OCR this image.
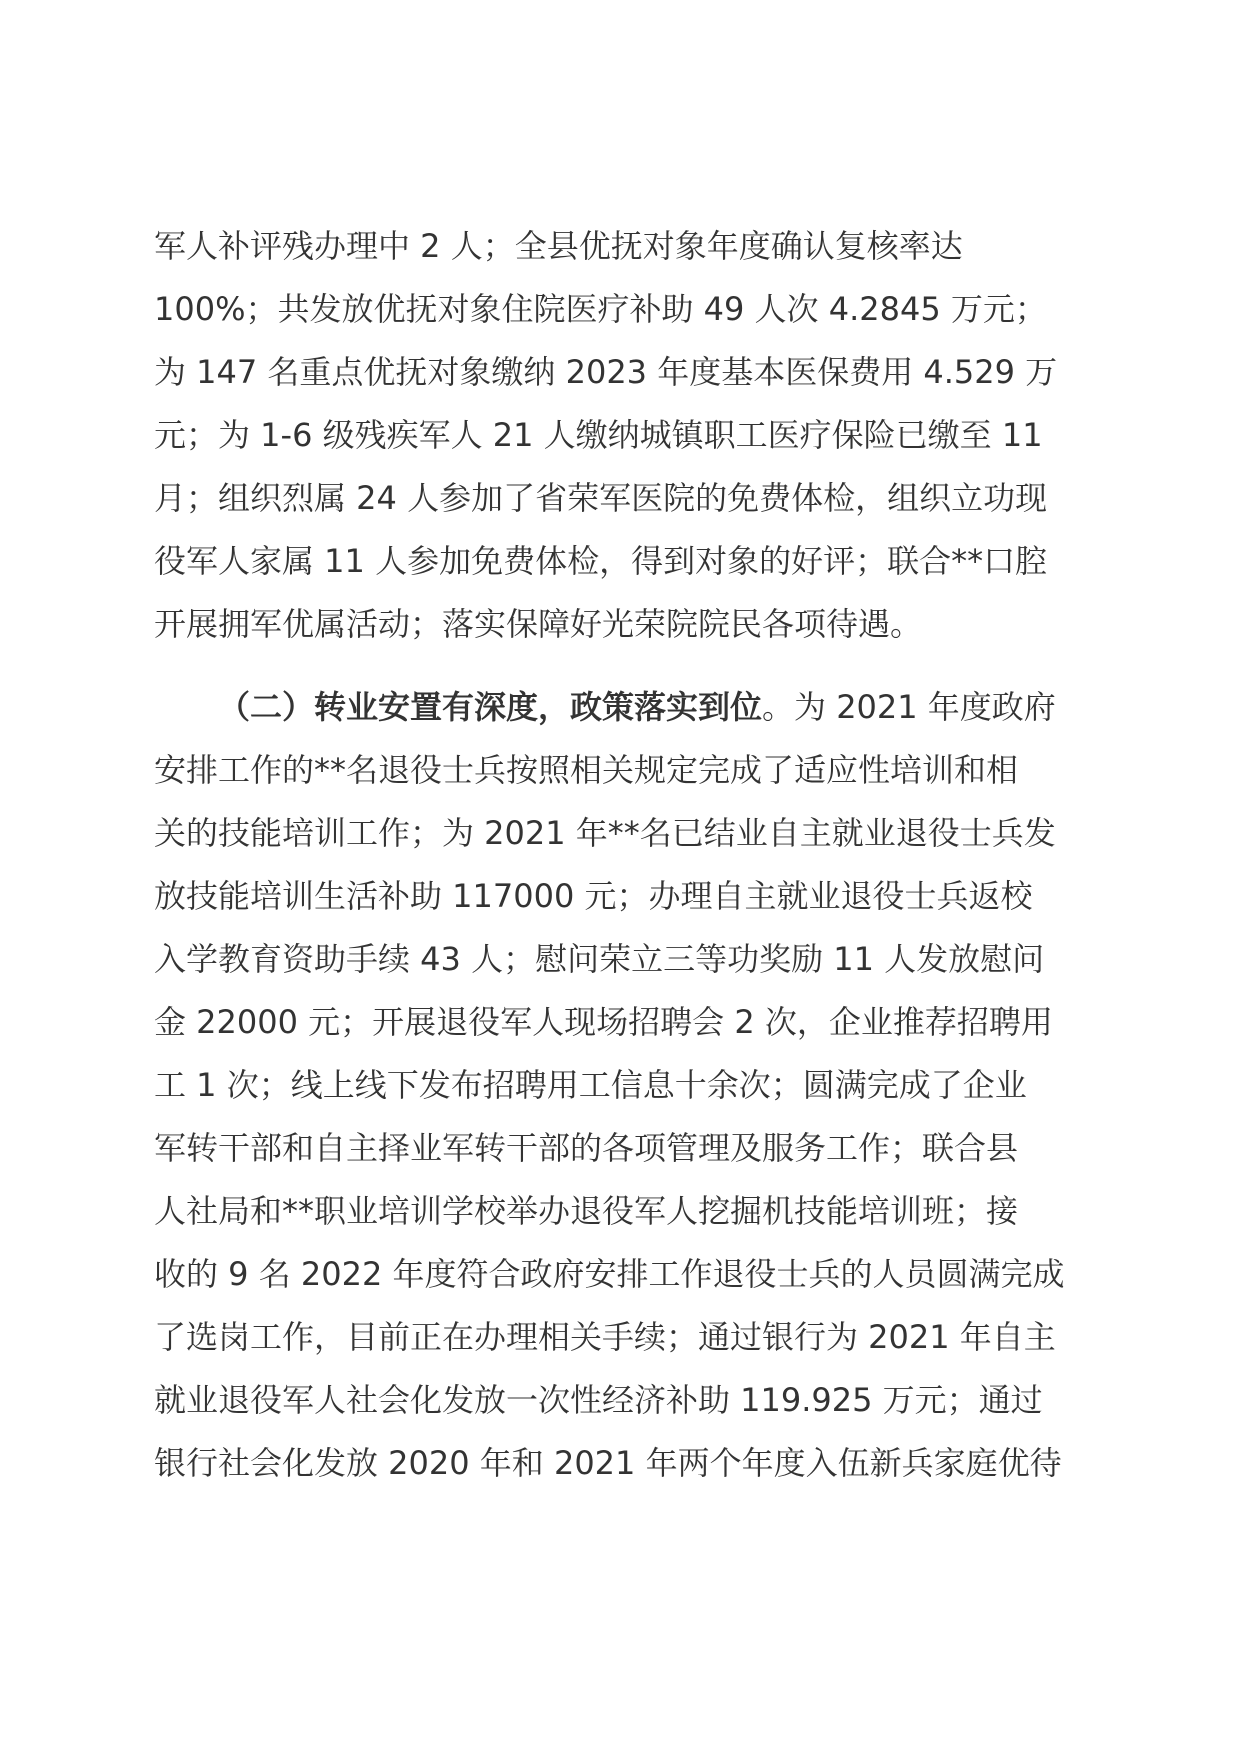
军人补评残办理中 2 人；全县优抚对象年度确认复核率达
100%；共发放优抚对象住院医疗补助 49 人次 4.2845 万元；
为 147 名重点优抚对象缴纳 2023 年度基本医保费用 4.529 万
元；为 1-6 级残疾军人 21 人缴纳城镇职工医疗保险已缴至 11
月；组织烈属 24 人参加了省荣军医院的免费体检，组织立功现
役军人家属 11 人参加免费体检，得到对象的好评；联合**口腔
开展拥军优属活动；落实保障好光荣院院民各项待遇。
（二）转业安置有深度，政策落实到位。为 2021 年度政府
安排工作的**名退役士兵按照相关规定完成了适应性培训和相
关的技能培训工作；为 2021 年**名已结业自主就业退役士兵发
放技能培训生活补助 117000 元；办理自主就业退役士兵返校
入学教育资助手续 43 人；慰问荣立三等功奖励 11 人发放慰问
金 22000 元；开展退役军人现场招聘会 2 次，企业推荐招聘用
工 1 次；线上线下发布招聘用工信息十余次；圆满完成了企业
军转干部和自主择业军转干部的各项管理及服务工作；联合县
人社局和**职业培训学校举办退役军人挖掘机技能培训班；接
收的 9 名 2022 年度符合政府安排工作退役士兵的人员圆满完成
了选岗工作，目前正在办理相关手续；通过银行为 2021 年自主
就业退役军人社会化发放一次性经济补助 119.925 万元；通过
银行社会化发放 2020 年和 2021 年两个年度入伍新兵家庭优待
